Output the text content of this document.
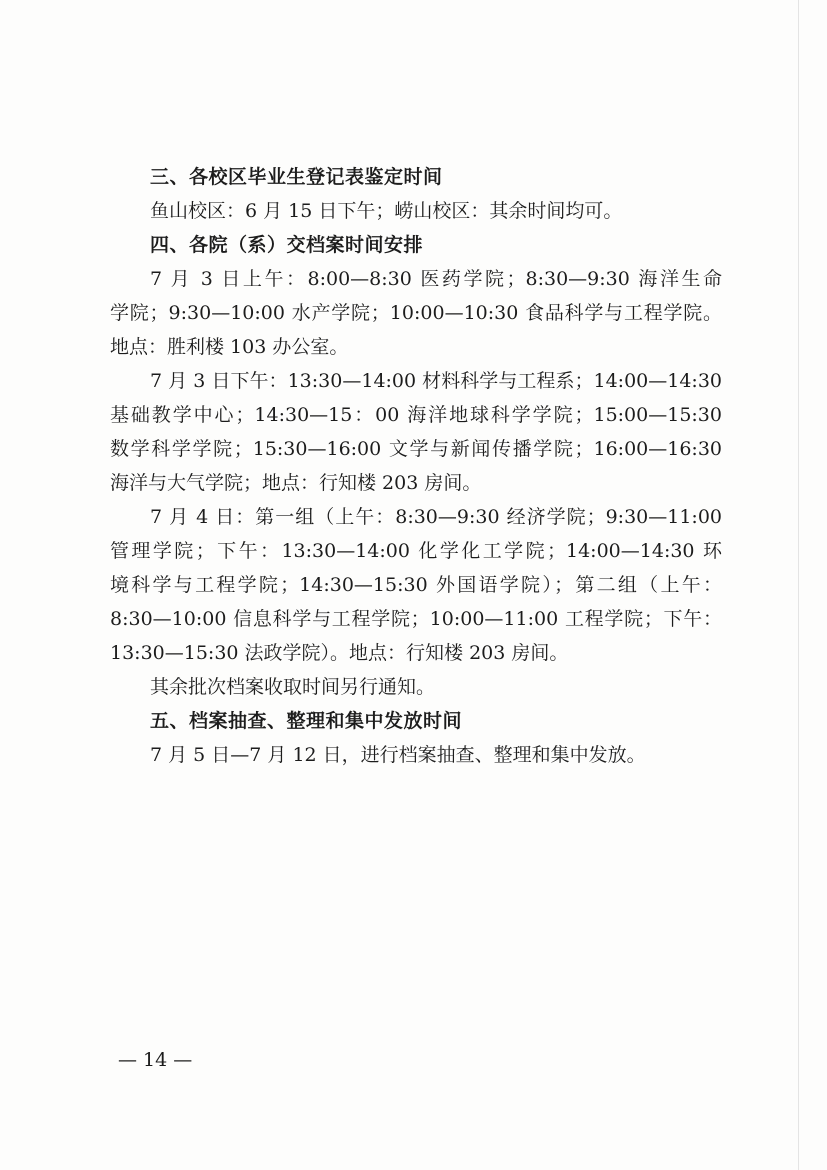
三、各校区毕业生登记表鉴定时间
鱼山校区：6 月 15 日下午；崂山校区：其余时间均可。
四、各院（系）交档案时间安排
7 月 3 日上午：8:00—8:30 医药学院；8:30—9:30 海洋生命
学院；9:30—10:00 水产学院；10:00—10:30 食品科学与工程学院。
地点：胜利楼 103 办公室。
7 月 3 日下午：13:30—14:00 材料科学与工程系；14:00—14:30
基础教学中心；14:30—15：00 海洋地球科学学院；15:00—15:30
数学科学学院；15:30—16:00 文学与新闻传播学院；16:00—16:30
海洋与大气学院；地点：行知楼 203 房间。
7 月 4 日：第一组（上午：8:30—9:30 经济学院；9:30—11:00
管理学院；下午：13:30—14:00 化学化工学院；14:00—14:30 环
境科学与工程学院；14:30—15:30 外国语学院）；第二组（上午：
8:30—10:00 信息科学与工程学院；10:00—11:00 工程学院；下午：
13:30—15:30 法政学院）。地点：行知楼 203 房间。
其余批次档案收取时间另行通知。
五、档案抽查、整理和集中发放时间
7 月 5 日—7 月 12 日，进行档案抽查、整理和集中发放。
— 14 —
